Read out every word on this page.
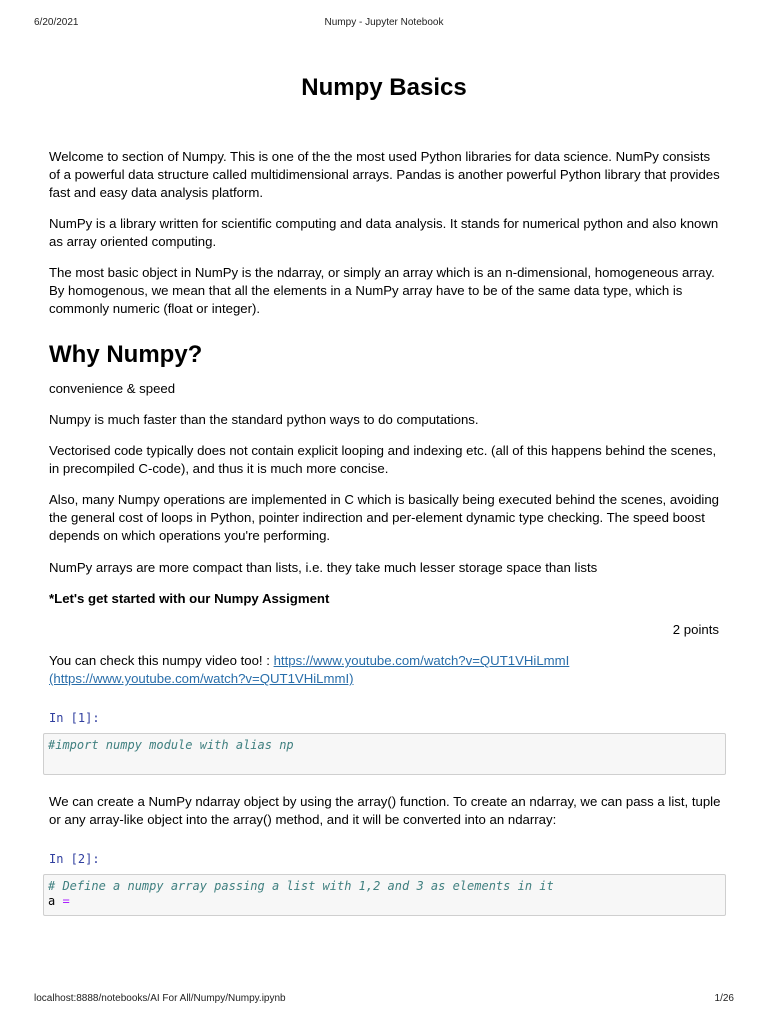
6/20/2021	Numpy - Jupyter Notebook
Numpy Basics

Welcome to section of Numpy. This is one of the the most used Python libraries for data science. NumPy consists of a powerful data structure called multidimensional arrays. Pandas is another powerful Python library that provides fast and easy data analysis platform.

NumPy is a library written for scientific computing and data analysis. It stands for numerical python and also known as array oriented computing.

The most basic object in NumPy is the ndarray, or simply an array which is an n-dimensional, homogeneous array. By homogenous, we mean that all the elements in a NumPy array have to be of the same data type, which is commonly numeric (float or integer).

Why Numpy?

convenience & speed

Numpy is much faster than the standard python ways to do computations.

Vectorised code typically does not contain explicit looping and indexing etc. (all of this happens behind the scenes, in precompiled C-code), and thus it is much more concise.

Also, many Numpy operations are implemented in C which is basically being executed behind the scenes, avoiding the general cost of loops in Python, pointer indirection and per-element dynamic type checking. The speed boost depends on which operations you're performing.

NumPy arrays are more compact than lists, i.e. they take much lesser storage space than lists

*Let's get started with our Numpy Assigment

2 points

You can check this numpy video too! : https://www.youtube.com/watch?v=QUT1VHiLmmI
(https://www.youtube.com/watch?v=QUT1VHiLmmI)

In [1]:
#import numpy module with alias np

We can create a NumPy ndarray object by using the array() function. To create an ndarray, we can pass a list, tuple or any array-like object into the array() method, and it will be converted into an ndarray:

In [2]:
# Define a numpy array passing a list with 1,2 and 3 as elements in it
a =
localhost:8888/notebooks/AI For All/Numpy/Numpy.ipynb	1/26
